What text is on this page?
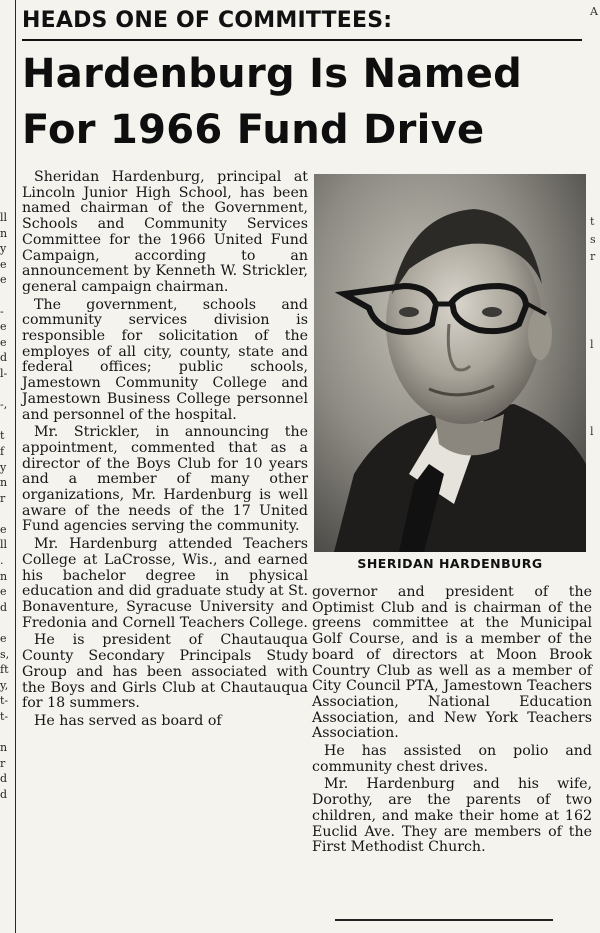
ll
n
y
e
e
-
e
e
d
l-
-,
t
f
y
n
r
e
ll
.
n
e
d
e
s,
ft
y,
t-
t-
n
r
d
d
A
t
s
r
l
l
HEADS ONE OF COMMITTEES:
Hardenburg Is Named
For 1966 Fund Drive

Sheridan Hardenburg, principal at Lincoln Junior High School, has been named chairman of the Government, Schools and Community Services Committee for the 1966 United Fund Campaign, according to an announcement by Kenneth W. Strickler, general campaign chairman.

The government, schools and community services division is responsible for solicitation of the employes of all city, county, state and federal offices; public schools, Jamestown Community College and Jamestown Business College personnel and personnel of the hospital.

Mr. Strickler, in announcing the appointment, commented that as a director of the Boys Club for 10 years and a member of many other organizations, Mr. Hardenburg is well aware of the needs of the 17 United Fund agencies serving the community.

Mr. Hardenburg attended Teachers College at LaCrosse, Wis., and earned his bachelor degree in physical education and did graduate study at St. Bonaventure, Syracuse University and Fredonia and Cornell Teachers College.

He is president of Chautauqua County Secondary Principals Study Group and has been associated with the Boys and Girls Club at Chautauqua for 18 summers.

He has served as board of

SHERIDAN HARDENBURG

governor and president of the Optimist Club and is chairman of the greens committee at the Municipal Golf Course, and is a member of the board of directors at Moon Brook Country Club as well as a member of City Council PTA, Jamestown Teachers Association, National Education Association, and New York Teachers Association.

He has assisted on polio and community chest drives.

Mr. Hardenburg and his wife, Dorothy, are the parents of two children, and make their home at 162 Euclid Ave. They are members of the First Methodist Church.
